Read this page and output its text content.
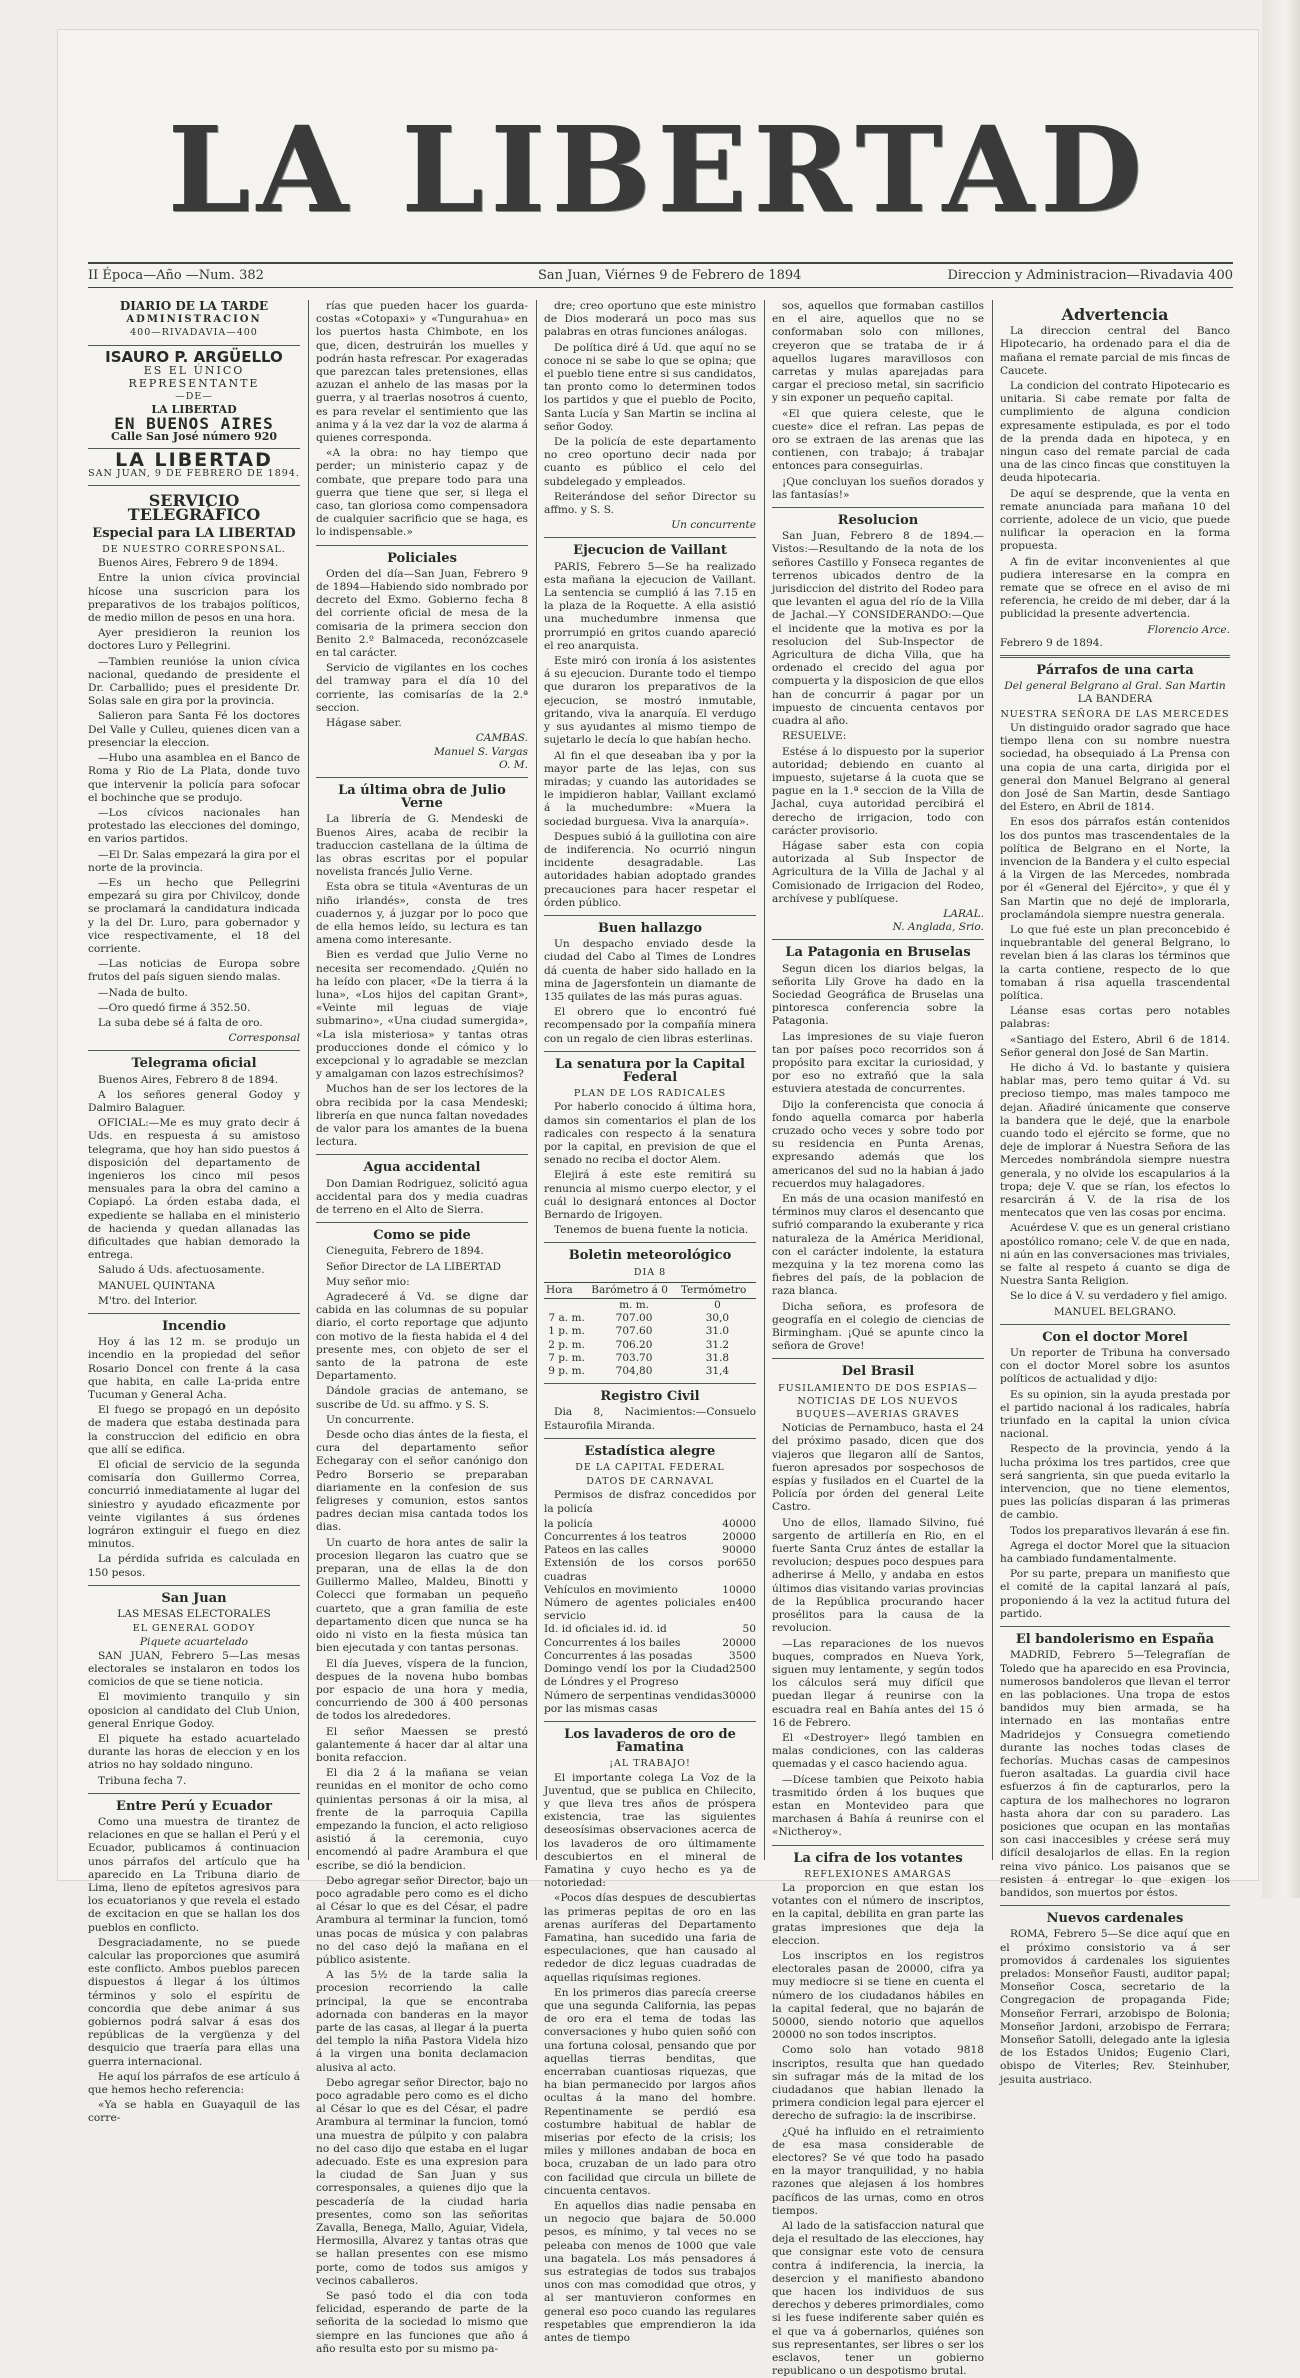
LA LIBERTAD
II Época—Año —Num. 382	San Juan, Viérnes 9 de Febrero de 1894	Direccion y Administracion—Rivadavia 400

DIARIO DE LA TARDE
ADMINISTRACION
400—RIVADAVIA—400
ISAURO P. ARGÜELLO
ES EL ÚNICO REPRESENTANTE
—DE—
LA LIBERTAD
EN BUENOS AIRES
Calle San José número 920
LA LIBERTAD
SAN JUAN, 9 DE FEBRERO DE 1894.
SERVICIO TELEGRÁFICO
Especial para LA LIBERTAD
DE NUESTRO CORRESPONSAL.

Buenos Aires, Febrero 9 de 1894.

Entre la union cívica provincial hícose una suscricion para los preparativos de los trabajos políticos, de medio millon de pesos en una hora.

Ayer presidieron la reunion los doctores Luro y Pellegrini.

—Tambien reunióse la union cívica nacional, quedando de presidente el Dr. Carballido; pues el presidente Dr. Solas sale en gira por la provincia.

Salieron para Santa Fé los doctores Del Valle y Culleu, quienes dicen van a presenciar la eleccion.

—Hubo una asamblea en el Banco de Roma y Rio de La Plata, donde tuvo que intervenir la policía para sofocar el bochinche que se produjo.

—Los cívicos nacionales han protestado las elecciones del domingo, en varios partidos.

—El Dr. Salas empezará la gira por el norte de la provincia.

—Es un hecho que Pellegrini empezará su gira por Chivilcoy, donde se proclamará la candidatura indicada y la del Dr. Luro, para gobernador y vice respectivamente, el 18 del corriente.

—Las noticias de Europa sobre frutos del país siguen siendo malas.

—Nada de bulto.

—Oro quedó firme á 352.50.

La suba debe sé á falta de oro.

Corresponsal
Telegrama oficial

Buenos Aires, Febrero 8 de 1894.

A los señores general Godoy y Dalmiro Balaguer.

OFICIAL:—Me es muy grato decir á Uds. en respuesta á su amistoso telegrama, que hoy han sido puestos á disposición del departamento de ingenieros los cinco mil pesos mensuales para la obra del camino a Copiapó. La órden estaba dada, el expediente se hallaba en el ministerio de hacienda y quedan allanadas las dificultades que habian demorado la entrega.

Saludo á Uds. afectuosamente.

MANUEL QUINTANA

M'tro. del Interior.

Incendio

Hoy á las 12 m. se produjo un incendio en la propiedad del señor Rosario Doncel con frente á la casa que habita, en calle La-prida entre Tucuman y General Acha.

El fuego se propagó en un depósito de madera que estaba destinada para la construccion del edificio en obra que allí se edifica.

El oficial de servicio de la segunda comisaría don Guillermo Correa, concurrió inmediatamente al lugar del siniestro y ayudado eficazmente por veinte vigilantes á sus órdenes lográron extinguir el fuego en diez minutos.

La pérdida sufrida es calculada en 150 pesos.

San Juan
LAS MESAS ELECTORALES
EL GENERAL GODOY
Piquete acuartelado

SAN JUAN, Febrero 5—Las mesas electorales se instalaron en todos los comicios de que se tiene noticia.

El movimiento tranquilo y sin oposicion al candidato del Club Union, general Enrique Godoy.

El piquete ha estado acuartelado durante las horas de eleccion y en los atrios no hay soldado ninguno.

Tribuna fecha 7.

Entre Perú y Ecuador

Como una muestra de tirantez de relaciones en que se hallan el Perú y el Ecuador, publicamos á continuacion unos párrafos del artículo que ha aparecido en La Tribuna diario de Lima, lleno de epítetos agresivos para los ecuatorianos y que revela el estado de excitacion en que se hallan los dos pueblos en conflicto.

Desgraciadamente, no se puede calcular las proporciones que asumirá este conflicto. Ambos pueblos parecen dispuestos á llegar á los últimos términos y solo el espíritu de concordia que debe animar á sus gobiernos podrá salvar á esas dos repúblicas de la vergüenza y del desquicio que traería para ellas una guerra internacional.

He aquí los párrafos de ese artículo á que hemos hecho referencia:

«Ya se habla en Guayaquil de las corre-

rías que pueden hacer los guarda-costas «Cotopaxi» y «Tungurahua» en los puertos hasta Chimbote, en los que, dicen, destruirán los muelles y podrán hasta refrescar. Por exageradas que parezcan tales pretensiones, ellas azuzan el anhelo de las masas por la guerra, y al traerlas nosotros á cuento, es para revelar el sentimiento que las anima y á la vez dar la voz de alarma á quienes corresponda.

«A la obra: no hay tiempo que perder; un ministerio capaz y de combate, que prepare todo para una guerra que tiene que ser, si llega el caso, tan gloriosa como compensadora de cualquier sacrificio que se haga, es lo indispensable.»

Policiales

Orden del día—San Juan, Febrero 9 de 1894—Habiendo sido nombrado por decreto del Exmo. Gobierno fecha 8 del corriente oficial de mesa de la comisaria de la primera seccion don Benito 2.º Balmaceda, reconózcasele en tal carácter.

Servicio de vigilantes en los coches del tramway para el día 10 del corriente, las comisarías de la 2.ª seccion.

Hágase saber.

CAMBAS.
Manuel S. Vargas
O. M.
La última obra de Julio Verne

La librería de G. Mendeski de Buenos Aires, acaba de recibir la traduccion castellana de la última de las obras escritas por el popular novelista francés Julio Verne.

Esta obra se titula «Aventuras de un niño irlandés», consta de tres cuadernos y, á juzgar por lo poco que de ella hemos leído, su lectura es tan amena como interesante.

Bien es verdad que Julio Verne no necesita ser recomendado. ¿Quién no ha leído con placer, «De la tierra á la luna», «Los hijos del capitan Grant», «Veinte mil leguas de viaje submarino», «Una ciudad sumergida», «La isla misteriosa» y tantas otras producciones donde el cómico y lo excepcional y lo agradable se mezclan y amalgaman con lazos estrechísimos?

Muchos han de ser los lectores de la obra recibida por la casa Mendeski; librería en que nunca faltan novedades de valor para los amantes de la buena lectura.

Agua accidental

Don Damian Rodriguez, solicitó agua accidental para dos y media cuadras de terreno en el Alto de Sierra.

Como se pide

Cieneguita, Febrero de 1894.

Señor Director de LA LIBERTAD

Muy señor mio:

Agradeceré á Vd. se digne dar cabida en las columnas de su popular diario, el corto reportage que adjunto con motivo de la fiesta habida el 4 del presente mes, con objeto de ser el santo de la patrona de este Departamento.

Dándole gracias de antemano, se suscribe de Ud. su affmo. y S. S.

Un concurrente.

Desde ocho dias ántes de la fiesta, el cura del departamento señor Echegaray con el señor canónigo don Pedro Borserio se preparaban diariamente en la confesion de sus feligreses y comunion, estos santos padres decian misa cantada todos los dias.

Un cuarto de hora antes de salir la procesion llegaron las cuatro que se preparan, una de ellas la de don Guillermo Malleo, Maldeu, Binotti y Colecci que formaban un pequeño cuarteto, que a gran familia de este departamento dicen que nunca se ha oido ni visto en la fiesta música tan bien ejecutada y con tantas personas.

El día Jueves, víspera de la funcion, despues de la novena hubo bombas por espacio de una hora y media, concurriendo de 300 á 400 personas de todos los alrededores.

El señor Maessen se prestó galantemente á hacer dar al altar una bonita refaccion.

El dia 2 á la mañana se veian reunidas en el monitor de ocho como quinientas personas á oir la misa, al frente de la parroquia Capilla empezando la funcion, el acto religioso asistió á la ceremonia, cuyo encomendó al padre Arambura el que escribe, se dió la bendicion.

Debo agregar señor Director, bajo un poco agradable pero como es el dicho al César lo que es del César, el padre Arambura al terminar la funcion, tomó unas pocas de música y con palabras no del caso dejó la mañana en el público asistente.

A las 5½ de la tarde salia la procesion recorriendo la calle principal, la que se encontraba adornada con banderas en la mayor parte de las casas, al llegar á la puerta del templo la niña Pastora Videla hizo á la virgen una bonita declamacion alusiva al acto.

Debo agregar señor Director, bajo no poco agradable pero como es el dicho al César lo que es del César, el padre Arambura al terminar la funcion, tomó una muestra de púlpito y con palabra no del caso dijo que estaba en el lugar adecuado. Este es una expresion para la ciudad de San Juan y sus corresponsales, a quienes dijo que la pescadería de la ciudad haria presentes, como son las señoritas Zavalla, Benega, Mallo, Aguiar, Videla, Hermosilla, Alvarez y tantas otras que se hallan presentes con ese mismo porte, como de todos sus amigos y vecinos caballeros.

Se pasó todo el dia con toda felicidad, esperando de parte de la señorita de la sociedad lo mismo que siempre en las funciones que año á año resulta esto por su mismo pa-

dre; creo oportuno que este ministro de Dios moderará un poco mas sus palabras en otras funciones análogas.

De política diré á Ud. que aquí no se conoce ni se sabe lo que se opina; que el pueblo tiene entre si sus candidatos, tan pronto como lo determinen todos los partidos y que el pueblo de Pocito, Santa Lucía y San Martin se inclina al señor Godoy.

De la policía de este departamento no creo oportuno decir nada por cuanto es público el celo del subdelegado y empleados.

Reiterándose del señor Director su affmo. y S. S.

Un concurrente
Ejecucion de Vaillant

PARIS, Febrero 5—Se ha realizado esta mañana la ejecucion de Vaillant. La sentencia se cumplió á las 7.15 en la plaza de la Roquette. A ella asistió una muchedumbre inmensa que prorrumpió en gritos cuando apareció el reo anarquista.

Este miró con ironía á los asistentes á su ejecucion. Durante todo el tiempo que duraron los preparativos de la ejecucion, se mostró inmutable, gritando, viva la anarquía. El verdugo y sus ayudantes al mismo tiempo de sujetarlo le decía lo que habían hecho.

Al fin el que deseaban iba y por la mayor parte de las lejas, con sus miradas; y cuando las autoridades se le impidieron hablar, Vaillant exclamó á la muchedumbre: «Muera la sociedad burguesa. Viva la anarquía».

Despues subió á la guillotina con aire de indiferencia. No ocurrió ningun incidente desagradable. Las autoridades habian adoptado grandes precauciones para hacer respetar el órden público.

Buen hallazgo

Un despacho enviado desde la ciudad del Cabo al Times de Londres dá cuenta de haber sido hallado en la mina de Jagersfontein un diamante de 135 quilates de las más puras aguas.

El obrero que lo encontró fué recompensado por la compañía minera con un regalo de cien libras esterlinas.

La senatura por la Capital Federal
PLAN DE LOS RADICALES

Por haberlo conocido á última hora, damos sin comentarios el plan de los radicales con respecto á la senatura por la capital, en prevision de que el senado no reciba el doctor Alem.

Elejirá á este este remitirá su renuncia al mismo cuerpo elector, y el cuál lo designará entonces al Doctor Bernardo de Irigoyen.

Tenemos de buena fuente la noticia.

Boletin meteorológico
DIA 8
Hora	Barómetro á 0	Termómetro
	m. m.	0
7 a. m.	707.00	30,0
1 p. m.	707.60	31.0
2 p. m.	706.20	31.2
7 p. m.	703.70	31.8
9 p. m.	704,80	31,4
Registro Civil

Dia 8, Nacimientos:—Consuelo Estaurofila Miranda.

Estadística alegre
DE LA CAPITAL FEDERAL
DATOS DE CARNAVAL

Permisos de disfraz concedidos por la policía

la policía	40000
Concurrentes á los teatros	20000
Pateos en las calles	90000
Extensión de los corsos por cuadras
650
Vehículos en movimiento	10000
Número de agentes policiales en servicio
400
Id. id oficiales id. id. id	50
Concurrentes á los bailes	20000
Concurrentes á las posadas	3500
Domingo vendí los por la Ciudad de Lóndres y el Progreso
2500
Número de serpentinas vendidas por las mismas casas
30000
Los lavaderos de oro de Famatina
¡AL TRABAJO!

El importante colega La Voz de la Juventud, que se publica en Chilecito, y que lleva tres años de próspera existencia, trae las siguientes deseosísimas observaciones acerca de los lavaderos de oro últimamente descubiertos en el mineral de Famatina y cuyo hecho es ya de notoriedad:

«Pocos días despues de descubiertas las primeras pepitas de oro en las arenas auríferas del Departamento Famatina, han sucedido una faria de especulaciones, que han causado al rededor de dicz leguas cuadradas de aquellas riquísimas regiones.

En los primeros dias parecía creerse que una segunda California, las pepas de oro era el tema de todas las conversaciones y hubo quien soñó con una fortuna colosal, pensando que por aquellas tierras benditas, que encerraban cuantiosas riquezas, que ha bian permanecido por largos años ocultas á la mano del hombre. Repentinamente se perdió esa costumbre habitual de hablar de miserias por efecto de la crisis; los miles y millones andaban de boca en boca, cruzaban de un lado para otro con facilidad que circula un billete de cincuenta centavos.

En aquellos dias nadie pensaba en un negocio que bajara de 50.000 pesos, es mínimo, y tal veces no se peleaba con menos de 1000 que vale una bagatela. Los más pensadores á sus estrategias de todos sus trabajos unos con mas comodidad que otros, y al ser mantuvieron conformes en general eso poco cuando las regulares respetables que emprendieron la ida antes de tiempo

sos, aquellos que formaban castillos en el aire, aquellos que no se conformaban solo con millones, creyeron que se trataba de ir á aquellos lugares maravillosos con carretas y mulas aparejadas para cargar el precioso metal, sin sacrificio y sin exponer un pequeño capital.

«El que quiera celeste, que le cueste» dice el refran. Las pepas de oro se extraen de las arenas que las contienen, con trabajo; á trabajar entonces para conseguirlas.

¡Que concluyan los sueños dorados y las fantasías!»

Resolucion

San Juan, Febrero 8 de 1894.—Vistos:—Resultando de la nota de los señores Castillo y Fonseca regantes de terrenos ubicados dentro de la jurisdiccion del distrito del Rodeo para que levanten el agua del río de la Villa de Jachal.—Y CONSIDERANDO:—Que el incidente que la motiva es por la resolucion del Sub-Inspector de Agricultura de dicha Villa, que ha ordenado el crecido del agua por compuerta y la disposicion de que ellos han de concurrir á pagar por un impuesto de cincuenta centavos por cuadra al año.

RESUELVE:

Estése á lo dispuesto por la superior autoridad; debiendo en cuanto al impuesto, sujetarse á la cuota que se pague en la 1.ª seccion de la Villa de Jachal, cuya autoridad percibirá el derecho de irrigacion, todo con carácter provisorio.

Hágase saber esta con copia autorizada al Sub Inspector de Agricultura de la Villa de Jachal y al Comisionado de Irrigacion del Rodeo, archívese y publíquese.

LARAL.
N. Anglada, Srio.
La Patagonia en Bruselas

Segun dicen los diarios belgas, la señorita Lily Grove ha dado en la Sociedad Geográfica de Bruselas una pintoresca conferencia sobre la Patagonia.

Las impresiones de su viaje fueron tan por países poco recorridos son á propósito para excitar la curiosidad, y por eso no extrañó que la sala estuviera atestada de concurrentes.

Dijo la conferencista que conocia á fondo aquella comarca por haberla cruzado ocho veces y sobre todo por su residencia en Punta Arenas, expresando además que los americanos del sud no la habian á jado recuerdos muy halagadores.

En más de una ocasion manifestó en términos muy claros el desencanto que sufrió comparando la exuberante y rica naturaleza de la América Meridional, con el carácter indolente, la estatura mezquina y la tez morena como las fiebres del país, de la poblacion de raza blanca.

Dicha señora, es profesora de geografía en el colegio de ciencias de Birmingham. ¡Qué se apunte cinco la señora de Grove!

Del Brasil
FUSILAMIENTO DE DOS ESPIAS—NOTICIAS DE LOS NUEVOS BUQUES—AVERIAS GRAVES

Noticias de Pernambuco, hasta el 24 del próximo pasado, dicen que dos viajeros que llegaron allí de Santos, fueron apresados por sospechosos de espías y fusilados en el Cuartel de la Policía por órden del general Leite Castro.

Uno de ellos, llamado Silvino, fué sargento de artillería en Rio, en el fuerte Santa Cruz ántes de estallar la revolucion; despues poco despues para adherirse á Mello, y andaba en estos últimos dias visitando varias provincias de la República procurando hacer prosélitos para la causa de la revolucion.

—Las reparaciones de los nuevos buques, comprados en Nueva York, siguen muy lentamente, y según todos los cálculos será muy difícil que puedan llegar á reunirse con la escuadra real en Bahía antes del 15 ó 16 de Febrero.

El «Destroyer» llegó tambien en malas condiciones, con las calderas quemadas y el casco haciendo agua.

—Dícese tambien que Peixoto habia trasmitido órden á los buques que estan en Montevideo para que marchasen á Bahía á reunirse con el «Nictheroy».

La cifra de los votantes
REFLEXIONES AMARGAS

La proporcion en que estan los votantes con el número de inscriptos, en la capital, debilita en gran parte las gratas impresiones que deja la eleccion.

Los inscriptos en los registros electorales pasan de 20000, cifra ya muy mediocre si se tiene en cuenta el número de los ciudadanos hábiles en la capital federal, que no bajarán de 50000, siendo notorio que aquellos 20000 no son todos inscriptos.

Como solo han votado 9818 inscriptos, resulta que han quedado sin sufragar más de la mitad de los ciudadanos que habian llenado la primera condicion legal para ejercer el derecho de sufragio: la de inscribirse.

¿Qué ha influido en el retraimiento de esa masa considerable de electores? Se vé que todo ha pasado en la mayor tranquilidad, y no habia razones que alejasen á los hombres pacíficos de las urnas, como en otros tiempos.

Al lado de la satisfaccion natural que deja el resultado de las elecciones, hay que consignar este voto de censura contra á indiferencia, la inercia, la desercion y el manifiesto abandono que hacen los individuos de sus derechos y deberes primordiales, como si les fuese indiferente saber quién es el que va á gobernarlos, quiénes son sus representantes, ser libres o ser los esclavos, tener un gobierno republicano o un despotismo brutal.

Advertencia

La direccion central del Banco Hipotecario, ha ordenado para el dia de mañana el remate parcial de mis fincas de Caucete.

La condicion del contrato Hipotecario es unitaria. Si cabe remate por falta de cumplimiento de alguna condicion expresamente estipulada, es por el todo de la prenda dada en hipoteca, y en ningun caso del remate parcial de cada una de las cinco fincas que constituyen la deuda hipotecaria.

De aquí se desprende, que la venta en remate anunciada para mañana 10 del corriente, adolece de un vicio, que puede nulificar la operacion en la forma propuesta.

A fin de evitar inconvenientes al que pudiera interesarse en la compra en remate que se ofrece en el aviso de mi referencia, he creido de mi deber, dar á la publicidad la presente advertencia.

Florencio Arce.
Febrero 9 de 1894.
Párrafos de una carta
Del general Belgrano al Gral. San Martin
LA BANDERA
NUESTRA SEÑORA DE LAS MERCEDES

Un distinguido orador sagrado que hace tiempo llena con su nombre nuestra sociedad, ha obsequiado á La Prensa con una copia de una carta, dirigida por el general don Manuel Belgrano al general don José de San Martin, desde Santiago del Estero, en Abril de 1814.

En esos dos párrafos están contenidos los dos puntos mas trascendentales de la política de Belgrano en el Norte, la invencion de la Bandera y el culto especial á la Virgen de las Mercedes, nombrada por él «General del Ejército», y que él y San Martin que no dejé de implorarla, proclamándola siempre nuestra generala.

Lo que fué este un plan preconcebido é inquebrantable del general Belgrano, lo revelan bien á las claras los términos que la carta contiene, respecto de lo que tomaban á risa aquella trascendental política.

Léanse esas cortas pero notables palabras:

«Santiago del Estero, Abril 6 de 1814. Señor general don José de San Martin.

He dicho á Vd. lo bastante y quisiera hablar mas, pero temo quitar á Vd. su precioso tiempo, mas males tampoco me dejan. Añadiré únicamente que conserve la bandera que le dejé, que la enarbole cuando todo el ejército se forme, que no deje de implorar á Nuestra Señora de las Mercedes nombrándola siempre nuestra generala, y no olvide los escapularios á la tropa; deje V. que se rían, los efectos lo resarcirán á V. de la risa de los mentecatos que ven las cosas por encima.

Acuérdese V. que es un general cristiano apostólico romano; cele V. de que en nada, ni aún en las conversaciones mas triviales, se falte al respeto á cuanto se diga de Nuestra Santa Religion.

Se lo dice á V. su verdadero y fiel amigo.

MANUEL BELGRANO.
Con el doctor Morel

Un reporter de Tribuna ha conversado con el doctor Morel sobre los asuntos políticos de actualidad y dijo:

Es su opinion, sin la ayuda prestada por el partido nacional á los radicales, habría triunfado en la capital la union cívica nacional.

Respecto de la provincia, yendo á la lucha próxima los tres partidos, cree que será sangrienta, sin que pueda evitarlo la intervencion, que no tiene elementos, pues las policías disparan á las primeras de cambio.

Todos los preparativos llevarán á ese fin.

Agrega el doctor Morel que la situacion ha cambiado fundamentalmente.

Por su parte, prepara un manifiesto que el comité de la capital lanzará al país, proponiendo á la vez la actitud futura del partido.

El bandolerismo en España

MADRID, Febrero 5—Telegrafían de Toledo que ha aparecido en esa Provincia, numerosos bandoleros que llevan el terror en las poblaciones. Una tropa de estos bandidos muy bien armada, se ha internado en las montañas entre Madridejos y Consuegra cometiendo durante las noches todas clases de fechorías. Muchas casas de campesinos fueron asaltadas. La guardia civil hace esfuerzos á fin de capturarlos, pero la captura de los malhechores no lograron hasta ahora dar con su paradero. Las posiciones que ocupan en las montañas son casi inaccesibles y créese será muy difícil desalojarlos de ellas. En la region reina vivo pánico. Los paisanos que se resisten á entregar lo que exigen los bandidos, son muertos por éstos.

Nuevos cardenales

ROMA, Febrero 5—Se dice aquí que en el próximo consistorio va á ser promovidos á cardenales los siguientes prelados: Monseñor Fausti, auditor papal; Monseñor Cosca, secretario de la Congregacion de propaganda Fide; Monseñor Ferrari, arzobispo de Bolonia; Monseñor Jardoni, arzobispo de Ferrara; Monseñor Satolli, delegado ante la iglesia de los Estados Unidos; Eugenio Clari, obispo de Viterles; Rev. Steinhuber, jesuita austriaco.
